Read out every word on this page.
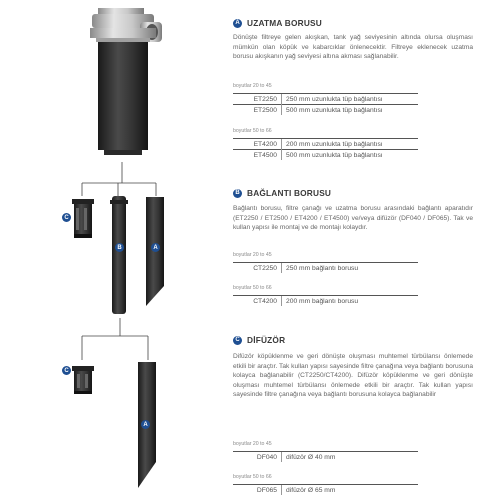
C
B	A
C
A
A UZATMA BORUSU
Dönüşte filtreye gelen akışkan, tank yağ seviyesinin altında olursa oluşması mümkün olan köpük ve kabarcıklar önlenecektir. Filtreye eklenecek uzatma borusu akışkanın yağ seviyesi altına akması sağlanabilir.
boyutlar 20 to 45
ET2250	250 mm uzunlukta tüp bağlantısı
ET2500	500 mm uzunlukta tüp bağlantısı
boyutlar 50 to 66
ET4200	200 mm uzunlukta tüp bağlantısı
ET4500	500 mm uzunlukta tüp bağlantısı
B BAĞLANTI BORUSU
Bağlantı borusu, filtre çanağı ve uzatma borusu arasındaki bağlantı aparatıdır (ET2250 / ET2500 / ET4200 / ET4500) ve/veya difüzör (DF040 / DF065). Tak ve kullan yapısı ile montaj ve de montajı kolaydır.
boyutlar 20 to 45
CT2250	250 mm bağlantı borusu
boyutlar 50 to 66
CT4200	200 mm bağlantı borusu
C DİFÜZÖR
Difüzör köpüklenme ve geri dönüşte oluşması muhtemel türbülansı önlemede etkili bir araçtır. Tak kullan yapısı sayesinde filtre çanağına veya bağlantı borusuna kolayca bağlanabilir (CT2250/CT4200). Difüzör köpüklenme ve geri dönüşte oluşması muhtemel türbülansı önlemede etkili bir araçtır. Tak kullan yapısı sayesinde filtre çanağına veya bağlantı borusuna kolayca bağlanabilir
boyutlar 20 to 45
DF040	difüzör Ø 40 mm
boyutlar 50 to 66
DF065	difüzör Ø 65 mm
